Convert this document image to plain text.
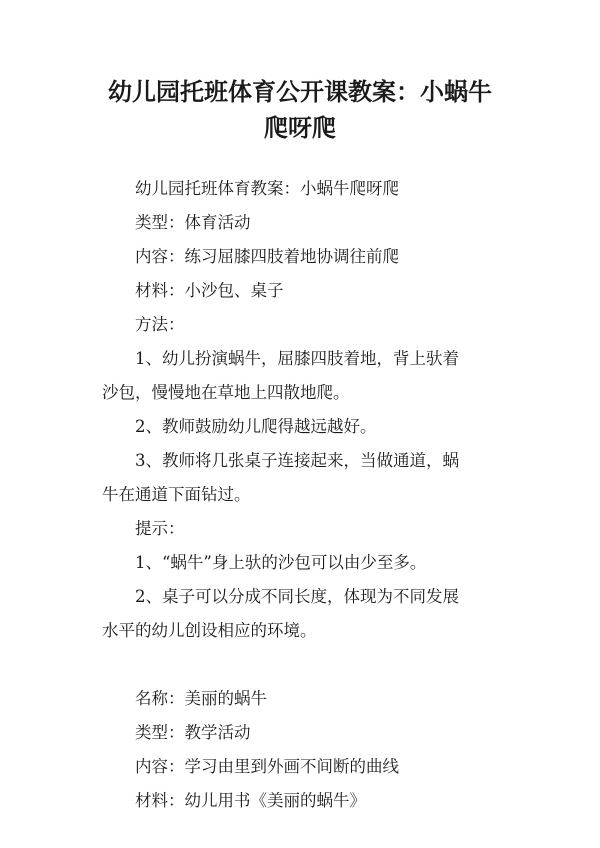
幼儿园托班体育公开课教案：小蜗牛
爬呀爬

幼儿园托班体育教案：小蜗牛爬呀爬

类型：体育活动

内容：练习屈膝四肢着地协调往前爬

材料：小沙包、桌子

方法：

1、幼儿扮演蜗牛，屈膝四肢着地，背上驮着

沙包，慢慢地在草地上四散地爬。

2、教师鼓励幼儿爬得越远越好。

3、教师将几张桌子连接起来，当做通道，蜗

牛在通道下面钻过。

提示：

1、“蜗牛”身上驮的沙包可以由少至多。

2、桌子可以分成不同长度，体现为不同发展

水平的幼儿创设相应的环境。

名称：美丽的蜗牛

类型：教学活动

内容：学习由里到外画不间断的曲线

材料：幼儿用书《美丽的蜗牛》
